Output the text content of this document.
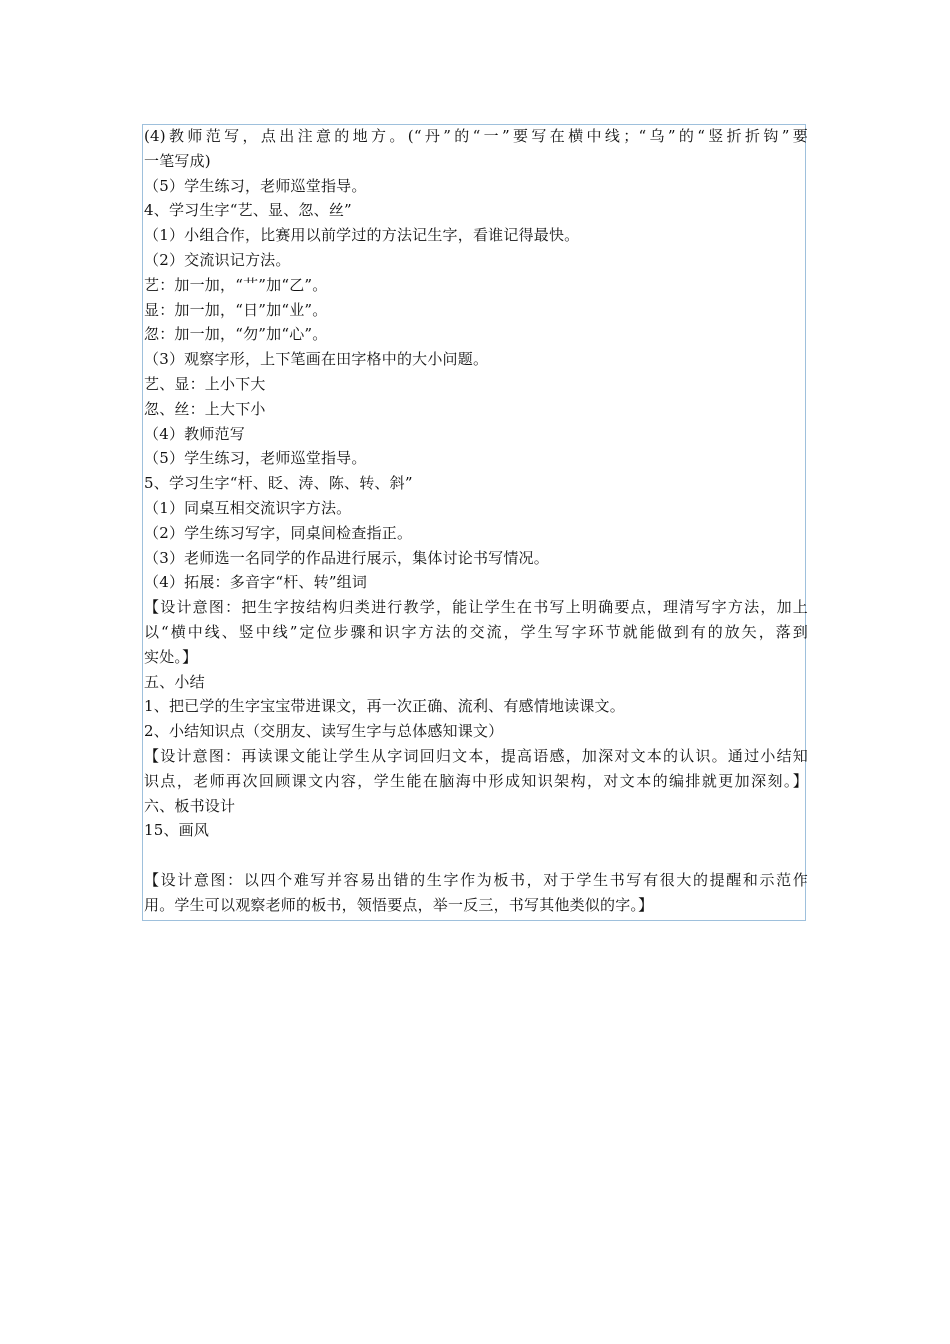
(4)教师范写，点出注意的地方。(“丹”的“一”要写在横中线；“乌”的“竖折折钩”要
一笔写成)
（5）学生练习，老师巡堂指导。
4、学习生字“艺、显、忽、丝”
（1）小组合作，比赛用以前学过的方法记生字，看谁记得最快。
（2）交流识记方法。
艺：加一加，“艹”加“乙”。
显：加一加，“日”加“业”。
忽：加一加，“勿”加“心”。
（3）观察字形，上下笔画在田字格中的大小问题。
艺、显：上小下大
忽、丝：上大下小
（4）教师范写
（5）学生练习，老师巡堂指导。
5、学习生字“杆、眨、涛、陈、转、斜”
（1）同桌互相交流识字方法。
（2）学生练习写字，同桌间检查指正。
（3）老师选一名同学的作品进行展示，集体讨论书写情况。
（4）拓展：多音字“杆、转”组词
【设计意图：把生字按结构归类进行教学，能让学生在书写上明确要点，理清写字方法，加上
以“横中线、竖中线”定位步骤和识字方法的交流，学生写字环节就能做到有的放矢，落到
实处。】
五、小结
1、把已学的生字宝宝带进课文，再一次正确、流利、有感情地读课文。
2、小结知识点（交朋友、读写生字与总体感知课文）
【设计意图：再读课文能让学生从字词回归文本，提高语感，加深对文本的认识。通过小结知
识点，老师再次回顾课文内容，学生能在脑海中形成知识架构，对文本的编排就更加深刻。】
六、板书设计
15、画风
【设计意图：以四个难写并容易出错的生字作为板书，对于学生书写有很大的提醒和示范作
用。学生可以观察老师的板书，领悟要点，举一反三，书写其他类似的字。】
